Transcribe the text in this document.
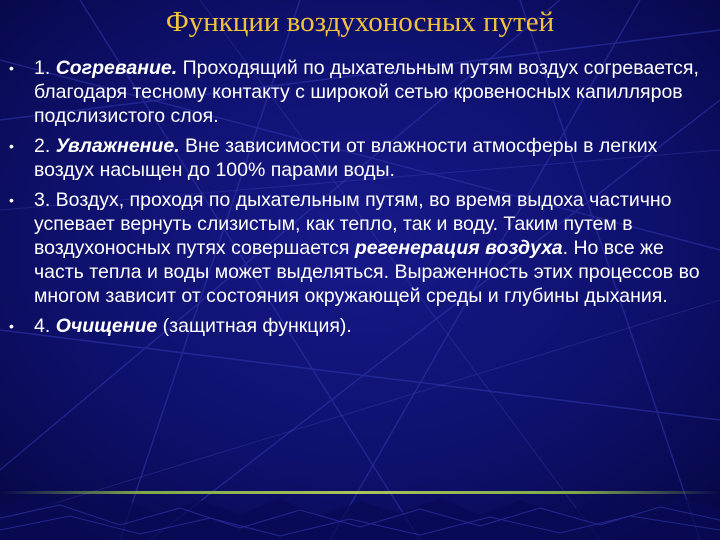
Функции воздухоносных путей
•	1. Согревание. Проходящий по дыхательным путям воздух согревается, благодаря тесному контакту с широкой сетью кровеносных капилляров подслизистого слоя.
•	2. Увлажнение. Вне зависимости от влажности атмосферы в легких воздух насыщен до 100% парами воды.
•	3. Воздух, проходя по дыхательным путям, во время выдоха частично успевает вернуть слизистым, как тепло, так и воду. Таким путем в воздухоносных путях совершается регенерация воздуха. Но все же часть тепла и воды может выделяться. Выраженность этих процессов во многом зависит от состояния окружающей среды и глубины дыхания.
•	4. Очищение (защитная функция).
